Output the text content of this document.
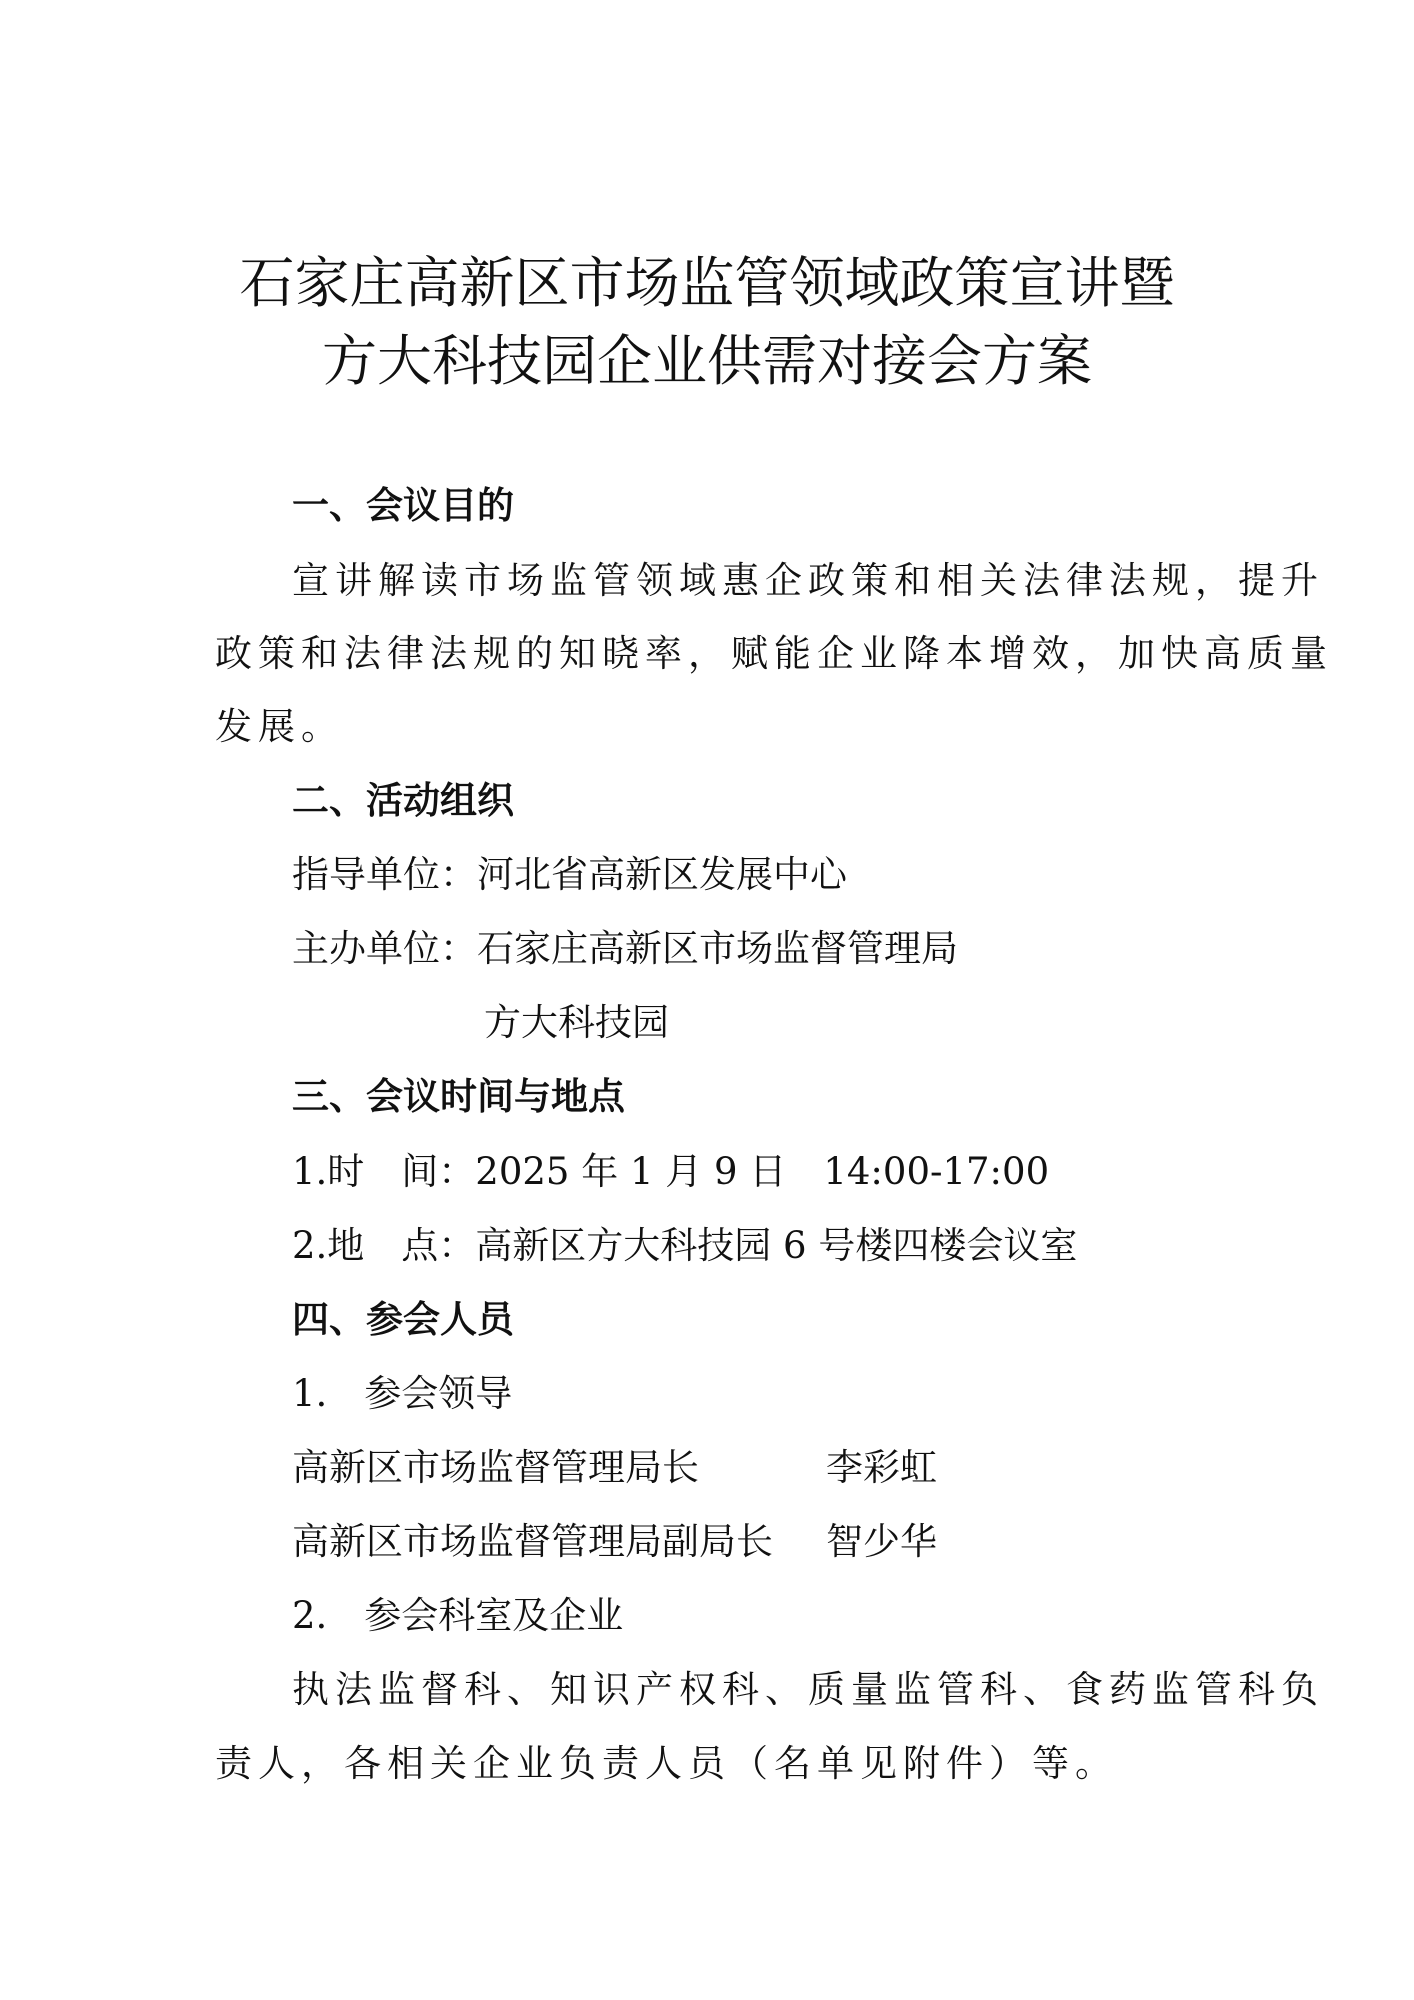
石家庄高新区市场监管领域政策宣讲暨
方大科技园企业供需对接会方案
一、会议目的
宣讲解读市场监管领域惠企政策和相关法律法规，提升
政策和法律法规的知晓率，赋能企业降本增效，加快高质量
发展。
二、活动组织
指导单位：河北省高新区发展中心
主办单位：石家庄高新区市场监督管理局
方大科技园
三、会议时间与地点
1.时　间：2025 年 1 月 9 日　14:00-17:00
2.地　点：高新区方大科技园 6 号楼四楼会议室
四、参会人员
1.　参会领导
高新区市场监督管理局长	李彩虹
高新区市场监督管理局副局长 智少华
2.　参会科室及企业
执法监督科、知识产权科、质量监管科、食药监管科负
责人，各相关企业负责人员（名单见附件）等。
